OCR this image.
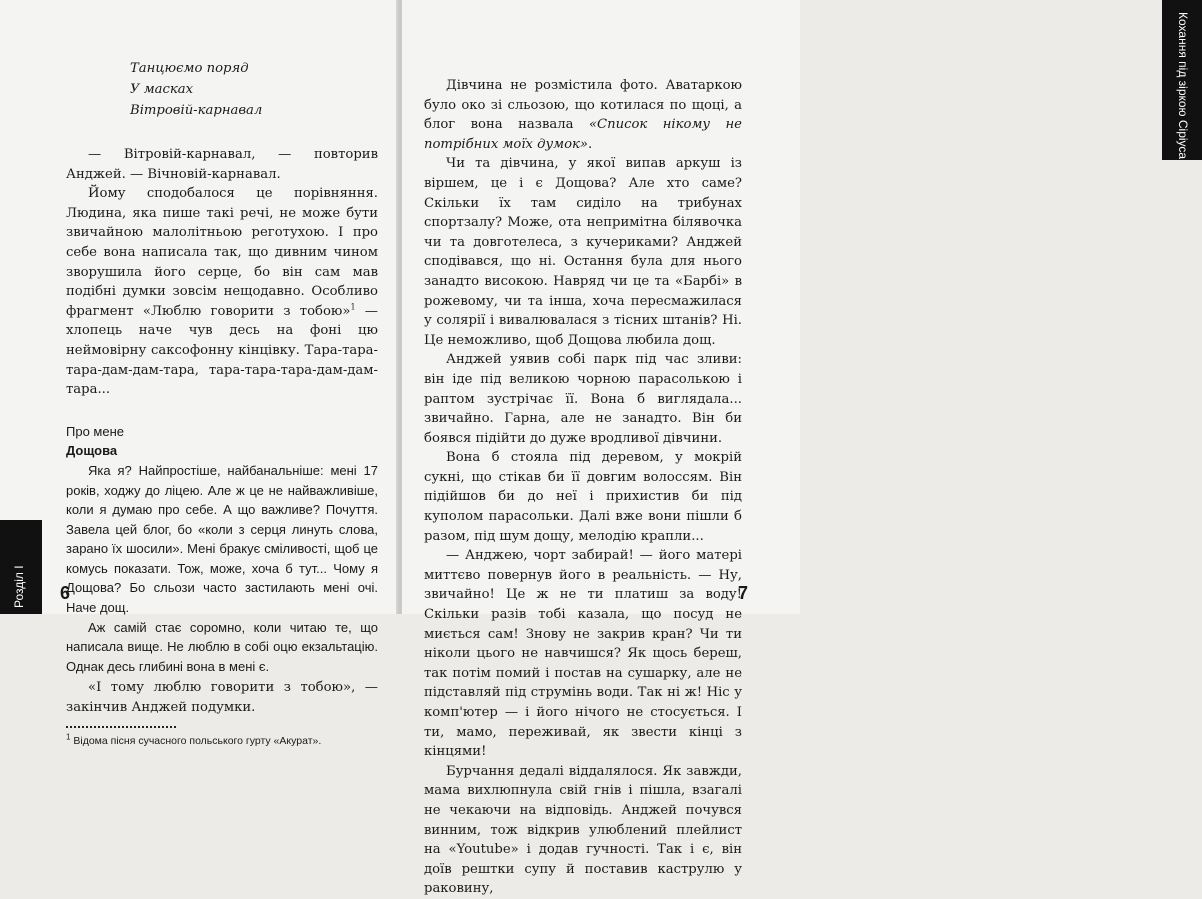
Розділ I 6
Кохання під зіркою Сіріуса
7
Танцюємо поряд
У масках
Вітровій-карнавал

— Вітровій-карнавал, — повторив Анджей. — Вічновій-карнавал.

Йому сподобалося це порівняння. Людина, яка пише такі речі, не може бути звичайною малолітньою реготухою. І про себе вона написала так, що дивним чином зворушила його серце, бо він сам мав подібні думки зовсім нещодавно. Особливо фрагмент «Люблю говорити з тобою»$^1$ — хлопець наче чув десь на фоні цю неймовірну саксофонну кінцівку. Тара-тара-тара-дам-дам-тара, тара-тара-тара-дам-дам-тара...

Про мене
Дощова

Яка я? Найпростіше, найбанальніше: мені 17 років, ходжу до ліцею. Але ж це не найважливіше, коли я думаю про себе. А що важливе? Почуття. Завела цей блог, бо «коли з серця линуть слова, зарано їх шосили». Мені бракує сміливості, щоб це комусь показати. Тож, може, хоча б тут... Чому я Дощова? Бо сльози часто застилають мені очі. Наче дощ.

Аж самій стає соромно, коли читаю те, що написала вище. Не люблю в собі оцю екзальтацію. Однак десь глибині вона в мені є.

«І тому люблю говорити з тобою», — закінчив Анджей подумки.

$^1$ Відома пісня сучасного польського гурту «Акурат».

Дівчина не розмістила фото. Аватаркою було око зі сльозою, що котилася по щоці, а блог вона назвала «Список нікому не потрібних моїх думок».

Чи та дівчина, у якої випав аркуш із віршем, це і є Дощова? Але хто саме? Скільки їх там сиділо на трибунах спортзалу? Може, ота непримітна білявочка чи та довготелеса, з кучериками? Анджей сподівався, що ні. Остання була для нього занадто високою. Навряд чи це та «Барбі» в рожевому, чи та інша, хоча пересмажилася у солярії і вивалювалася з тісних штанів? Ні. Це неможливо, щоб Дощова любила дощ.

Анджей уявив собі парк під час зливи: він іде під великою чорною парасолькою і раптом зустрічає її. Вона б виглядала... звичайно. Гарна, але не занадто. Він би боявся підійти до дуже вродливої дівчини.

Вона б стояла під деревом, у мокрій сукні, що стікав би її довгим волоссям. Він підійшов би до неї і прихистив би під куполом парасольки. Далі вже вони пішли б разом, під шум дощу, мелодію крапли...

— Анджею, чорт забирай! — його матері миттєво повернув його в реальність. — Ну, звичайно! Це ж не ти платиш за воду! Скільки разів тобі казала, що посуд не миється сам! Знову не закрив кран? Чи ти ніколи цього не навчишся? Як щось береш, так потім помий і постав на сушарку, але не підставляй під струмінь води. Так ні ж! Ніс у комп'ютер — і його нічого не стосується. І ти, мамо, переживай, як звести кінці з кінцями!

Бурчання дедалі віддалялося. Як завжди, мама вихлюпнула свій гнів і пішла, взагалі не чекаючи на відповідь. Анджей почувся винним, тож відкрив улюблений плейлист на «Youtube» і додав гучності. Так і є, він доїв рештки супу й поставив каструлю у раковину,
